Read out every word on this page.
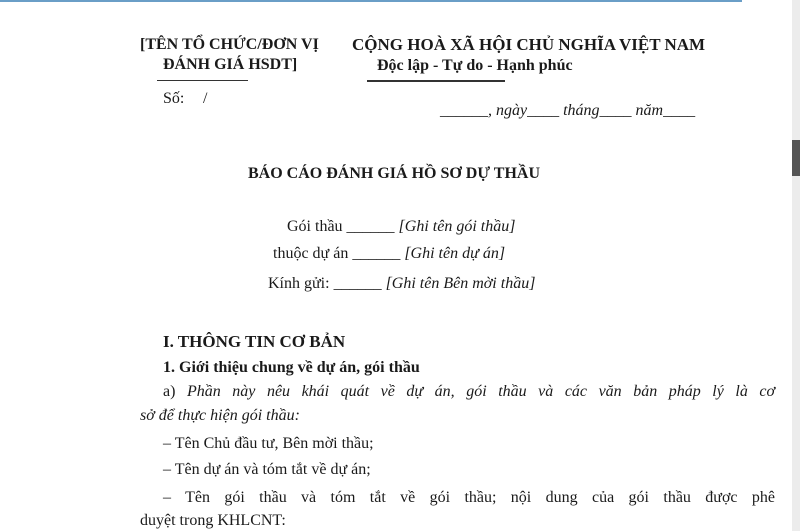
[TÊN TỔ CHỨC/ĐƠN VỊ
ĐÁNH GIÁ HSDT]
Số: /
CỘNG HOÀ XÃ HỘI CHỦ NGHĨA VIỆT NAM
Độc lập - Tự do - Hạnh phúc
______, ngày____ tháng____ năm____
BÁO CÁO ĐÁNH GIÁ HỒ SƠ DỰ THẦU
Gói thầu ______ [Ghi tên gói thầu]
thuộc dự án ______ [Ghi tên dự án]
Kính gửi: ______ [Ghi tên Bên mời thầu]
I. THÔNG TIN CƠ BẢN
1. Giới thiệu chung về dự án, gói thầu
a) Phần này nêu khái quát về dự án, gói thầu và các văn bản pháp lý là cơ
sở để thực hiện gói thầu:
– Tên Chủ đầu tư, Bên mời thầu;
– Tên dự án và tóm tắt về dự án;
– Tên gói thầu và tóm tắt về gói thầu; nội dung của gói thầu được phê
duyệt trong KHLCNT:
